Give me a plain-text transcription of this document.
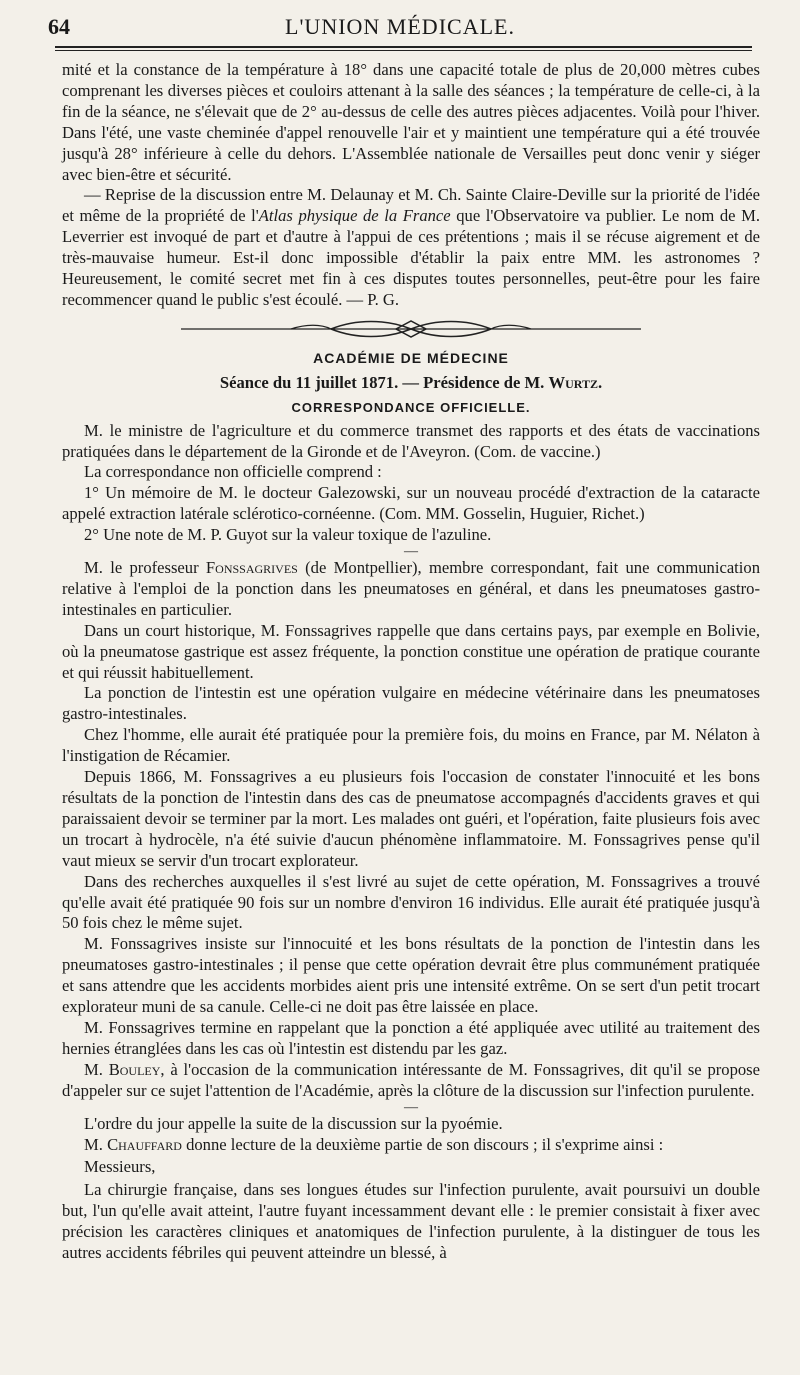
64	L'UNION MÉDICALE.

mité et la constance de la température à 18° dans une capacité totale de plus de 20,000 mètres cubes comprenant les diverses pièces et couloirs attenant à la salle des séances ; la température de celle-ci, à la fin de la séance, ne s'élevait que de 2° au-dessus de celle des autres pièces adjacentes. Voilà pour l'hiver. Dans l'été, une vaste cheminée d'appel renouvelle l'air et y maintient une température qui a été trouvée jusqu'à 28° inférieure à celle du dehors. L'Assemblée nationale de Versailles peut donc venir y siéger avec bien-être et sécurité.

— Reprise de la discussion entre M. Delaunay et M. Ch. Sainte Claire-Deville sur la priorité de l'idée et même de la propriété de l'Atlas physique de la France que l'Observatoire va publier. Le nom de M. Leverrier est invoqué de part et d'autre à l'appui de ces prétentions ; mais il se récuse aigrement et de très-mauvaise humeur. Est-il donc impossible d'établir la paix entre MM. les astronomes ? Heureusement, le comité secret met fin à ces disputes toutes personnelles, peut-être pour les faire recommencer quand le public s'est écoulé. — P. G.

ACADÉMIE DE MÉDECINE
Séance du 11 juillet 1871. — Présidence de M. Wurtz.
CORRESPONDANCE OFFICIELLE.

M. le ministre de l'agriculture et du commerce transmet des rapports et des états de vaccinations pratiquées dans le département de la Gironde et de l'Aveyron. (Com. de vaccine.)

La correspondance non officielle comprend :

1° Un mémoire de M. le docteur Galezowski, sur un nouveau procédé d'extraction de la cataracte appelé extraction latérale sclérotico-cornéenne. (Com. MM. Gosselin, Huguier, Richet.)

2° Une note de M. P. Guyot sur la valeur toxique de l'azuline.

—

M. le professeur Fonssagrives (de Montpellier), membre correspondant, fait une communication relative à l'emploi de la ponction dans les pneumatoses en général, et dans les pneumatoses gastro-intestinales en particulier.

Dans un court historique, M. Fonssagrives rappelle que dans certains pays, par exemple en Bolivie, où la pneumatose gastrique est assez fréquente, la ponction constitue une opération de pratique courante et qui réussit habituellement.

La ponction de l'intestin est une opération vulgaire en médecine vétérinaire dans les pneumatoses gastro-intestinales.

Chez l'homme, elle aurait été pratiquée pour la première fois, du moins en France, par M. Nélaton à l'instigation de Récamier.

Depuis 1866, M. Fonssagrives a eu plusieurs fois l'occasion de constater l'innocuité et les bons résultats de la ponction de l'intestin dans des cas de pneumatose accompagnés d'accidents graves et qui paraissaient devoir se terminer par la mort. Les malades ont guéri, et l'opération, faite plusieurs fois avec un trocart à hydrocèle, n'a été suivie d'aucun phénomène inflammatoire. M. Fonssagrives pense qu'il vaut mieux se servir d'un trocart explorateur.

Dans des recherches auxquelles il s'est livré au sujet de cette opération, M. Fonssagrives a trouvé qu'elle avait été pratiquée 90 fois sur un nombre d'environ 16 individus. Elle aurait été pratiquée jusqu'à 50 fois chez le même sujet.

M. Fonssagrives insiste sur l'innocuité et les bons résultats de la ponction de l'intestin dans les pneumatoses gastro-intestinales ; il pense que cette opération devrait être plus communément pratiquée et sans attendre que les accidents morbides aient pris une intensité extrême. On se sert d'un petit trocart explorateur muni de sa canule. Celle-ci ne doit pas être laissée en place.

M. Fonssagrives termine en rappelant que la ponction a été appliquée avec utilité au traitement des hernies étranglées dans les cas où l'intestin est distendu par les gaz.

M. Bouley, à l'occasion de la communication intéressante de M. Fonssagrives, dit qu'il se propose d'appeler sur ce sujet l'attention de l'Académie, après la clôture de la discussion sur l'infection purulente.

—

L'ordre du jour appelle la suite de la discussion sur la pyoémie.

M. Chauffard donne lecture de la deuxième partie de son discours ; il s'exprime ainsi :

Messieurs,

La chirurgie française, dans ses longues études sur l'infection purulente, avait poursuivi un double but, l'un qu'elle avait atteint, l'autre fuyant incessamment devant elle : le premier consistait à fixer avec précision les caractères cliniques et anatomiques de l'infection purulente, à la distinguer de tous les autres accidents fébriles qui peuvent atteindre un blessé, à
